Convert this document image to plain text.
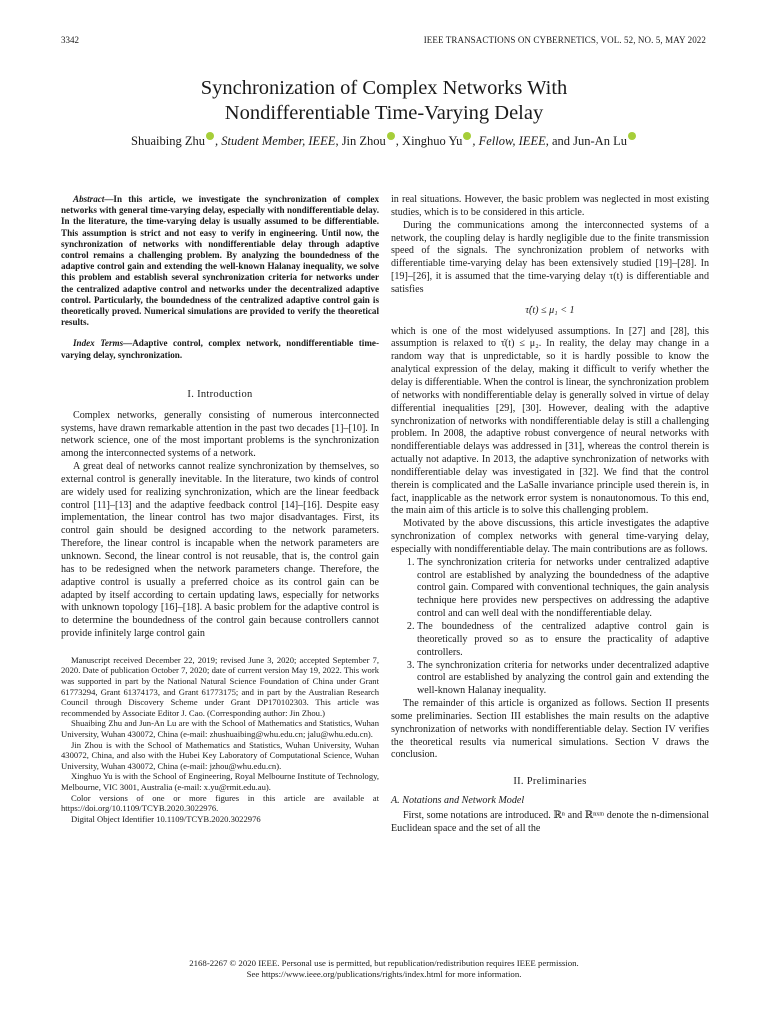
3342	IEEE TRANSACTIONS ON CYBERNETICS, VOL. 52, NO. 5, MAY 2022
Synchronization of Complex Networks With
Nondifferentiable Time-Varying Delay
Shuaibing Zhu , Student Member, IEEE, Jin Zhou , Xinghuo Yu , Fellow, IEEE, and Jun-An Lu

Abstract—In this article, we investigate the synchronization of complex networks with general time-varying delay, especially with nondifferentiable delay. In the literature, the time-varying delay is usually assumed to be differentiable. This assumption is strict and not easy to verify in engineering. Until now, the synchronization of networks with nondifferentiable delay through adaptive control remains a challenging problem. By analyzing the boundedness of the adaptive control gain and extending the well-known Halanay inequality, we solve this problem and establish several synchronization criteria for networks under the centralized adaptive control and networks under the decentralized adaptive control. Particularly, the boundedness of the centralized adaptive control gain is theoretically proved. Numerical simulations are provided to verify the theoretical results.

Index Terms—Adaptive control, complex network, nondifferentiable time-varying delay, synchronization.

I. Introduction

Complex networks, generally consisting of numerous interconnected systems, have drawn remarkable attention in the past two decades [1]–[10]. In network science, one of the most important problems is the synchronization among the interconnected systems of a network.

A great deal of networks cannot realize synchronization by themselves, so external control is generally inevitable. In the literature, two kinds of control are widely used for realizing synchronization, which are the linear feedback control [11]–[13] and the adaptive feedback control [14]–[16]. Despite easy implementation, the linear control has two major disadvantages. First, its control gain should be designed according to the network parameters. Therefore, the linear control is incapable when the network parameters are unknown. Second, the linear control is not reusable, that is, the control gain has to be redesigned when the network parameters change. Therefore, the adaptive control is usually a preferred choice as its control gain can be adapted by itself according to certain updating laws, especially for networks with unknown topology [16]–[18]. A basic problem for the adaptive control is to determine the boundedness of the control gain because controllers cannot provide infinitely large control gain

Manuscript received December 22, 2019; revised June 3, 2020; accepted September 7, 2020. Date of publication October 7, 2020; date of current version May 19, 2022. This work was supported in part by the National Natural Science Foundation of China under Grant 61773294, Grant 61374173, and Grant 61773175; and in part by the Australian Research Council through Discovery Scheme under Grant DP170102303. This article was recommended by Associate Editor J. Cao. (Corresponding author: Jin Zhou.)

Shuaibing Zhu and Jun-An Lu are with the School of Mathematics and Statistics, Wuhan University, Wuhan 430072, China (e-mail: zhushuaibing@whu.edu.cn; jalu@whu.edu.cn).

Jin Zhou is with the School of Mathematics and Statistics, Wuhan University, Wuhan 430072, China, and also with the Hubei Key Laboratory of Computational Science, Wuhan University, Wuhan 430072, China (e-mail: jzhou@whu.edu.cn).

Xinghuo Yu is with the School of Engineering, Royal Melbourne Institute of Technology, Melbourne, VIC 3001, Australia (e-mail: x.yu@rmit.edu.au).

Color versions of one or more figures in this article are available at https://doi.org/10.1109/TCYB.2020.3022976.

Digital Object Identifier 10.1109/TCYB.2020.3022976

in real situations. However, the basic problem was neglected in most existing studies, which is to be considered in this article.

During the communications among the interconnected systems of a network, the coupling delay is hardly negligible due to the finite transmission speed of the signals. The synchronization problem of networks with differentiable time-varying delay has been extensively studied [19]–[28]. In [19]–[26], it is assumed that the time-varying delay τ(t) is differentiable and satisfies

τ̇(t) ≤ μ₁ < 1

which is one of the most widelyused assumptions. In [27] and [28], this assumption is relaxed to τ̇(t) ≤ μ₂. In reality, the delay may change in a random way that is unpredictable, so it is hardly possible to know the analytical expression of the delay, making it difficult to verify whether the delay is differentiable. When the control is linear, the synchronization problem of networks with nondifferentiable delay is generally solved in virtue of delay differential inequalities [29], [30]. However, dealing with the adaptive synchronization of networks with nondifferentiable delay is still a challenging problem. In 2008, the adaptive robust convergence of neural networks with nondifferentiable delays was addressed in [31], whereas the control therein is actually not adaptive. In 2013, the adaptive synchronization of networks with nondifferentiable delay was investigated in [32]. We find that the control therein is complicated and the LaSalle invariance principle used therein is, in fact, inapplicable as the network error system is nonautonomous. To this end, the main aim of this article is to solve this challenging problem.

Motivated by the above discussions, this article investigates the adaptive synchronization of complex networks with general time-varying delay, especially with nondifferentiable delay. The main contributions are as follows.

1. The synchronization criteria for networks under centralized adaptive control are established by analyzing the boundedness of the adaptive control gain. Compared with conventional techniques, the gain analysis technique here provides new perspectives on addressing the adaptive control and can well deal with the nondifferentiable delay.
2. The boundedness of the centralized adaptive control gain is theoretically proved so as to ensure the practicality of adaptive controllers.
3. The synchronization criteria for networks under decentralized adaptive control are established by analyzing the control gain and extending the well-known Halanay inequality.

The remainder of this article is organized as follows. Section II presents some preliminaries. Section III establishes the main results on the adaptive synchronization of networks with nondifferentiable delay. Section IV verifies the theoretical results via numerical simulations. Section V draws the conclusion.

II. Preliminaries
A. Notations and Network Model

First, some notations are introduced. ℝⁿ and ℝⁿˣᵐ denote the n-dimensional Euclidean space and the set of all the

2168-2267 © 2020 IEEE. Personal use is permitted, but republication/redistribution requires IEEE permission.
See https://www.ieee.org/publications/rights/index.html for more information.
